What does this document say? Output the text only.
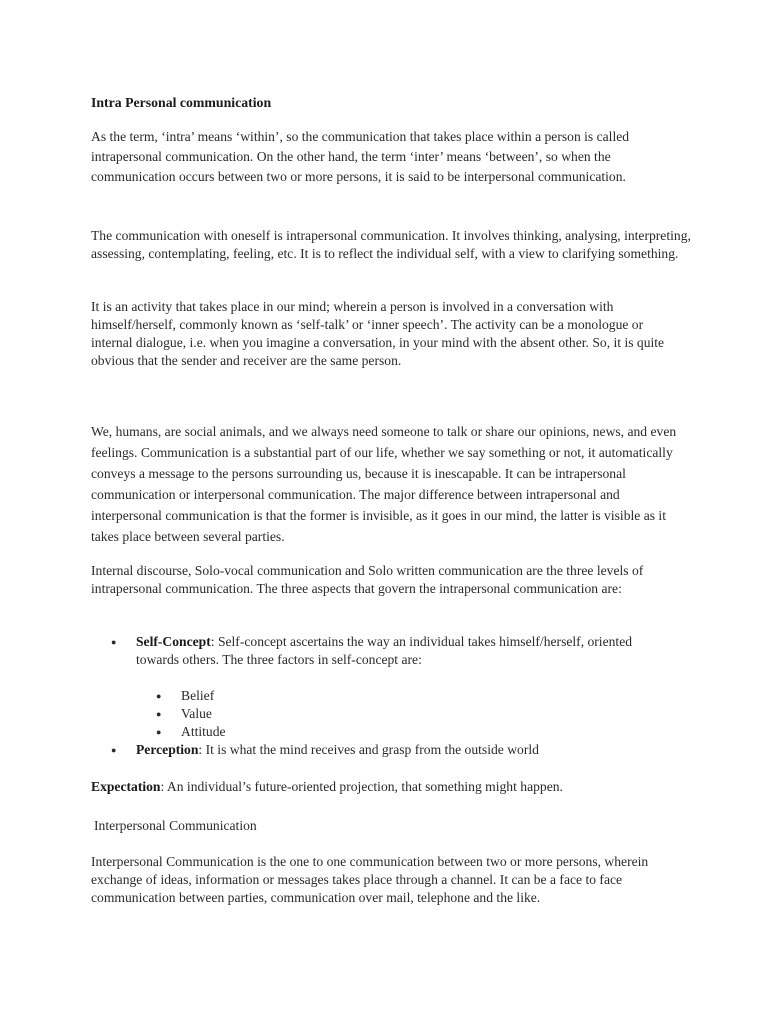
Intra Personal communication

As the term, ‘intra’ means ‘within’, so the communication that takes place within a person is called intrapersonal communication. On the other hand, the term ‘inter’ means ‘between’, so when the communication occurs between two or more persons, it is said to be interpersonal communication.

The communication with oneself is intrapersonal communication. It involves thinking, analysing, interpreting, assessing, contemplating, feeling, etc. It is to reflect the individual self, with a view to clarifying something.

It is an activity that takes place in our mind; wherein a person is involved in a conversation with himself/herself, commonly known as ‘self-talk’ or ‘inner speech’. The activity can be a monologue or internal dialogue, i.e. when you imagine a conversation, in your mind with the absent other. So, it is quite obvious that the sender and receiver are the same person.

We, humans, are social animals, and we always need someone to talk or share our opinions, news, and even feelings. Communication is a substantial part of our life, whether we say something or not, it automatically conveys a message to the persons surrounding us, because it is inescapable. It can be intrapersonal communication or interpersonal communication. The major difference between intrapersonal and interpersonal communication is that the former is invisible, as it goes in our mind, the latter is visible as it takes place between several parties.

Internal discourse, Solo-vocal communication and Solo written communication are the three levels of intrapersonal communication. The three aspects that govern the intrapersonal communication are:

● Self-Concept: Self-concept ascertains the way an individual takes himself/herself, oriented towards others. The three factors in self-concept are:
● Belief
● Value
● Attitude
● Perception: It is what the mind receives and grasp from the outside world
Expectation: An individual’s future-oriented projection, that something might happen.
Interpersonal Communication

Interpersonal Communication is the one to one communication between two or more persons, wherein exchange of ideas, information or messages takes place through a channel. It can be a face to face communication between parties, communication over mail, telephone and the like.
